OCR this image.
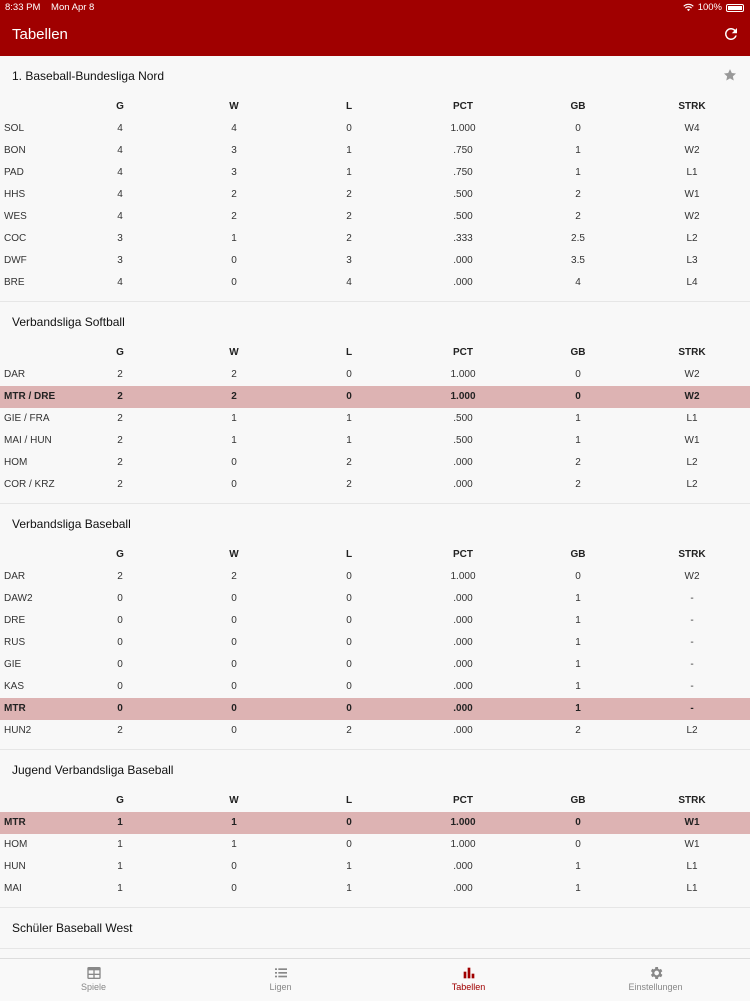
8:33 PM Mon Apr 8	100%
Tabellen
1. Baseball-Bundesliga Nord
G	W	L	PCT	GB	STRK
SOL	4	4	0	1.000	0	W4
BON	4	3	1	.750	1	W2
PAD	4	3	1	.750	1	L1
HHS	4	2	2	.500	2	W1
WES	4	2	2	.500	2	W2
COC	3	1	2	.333	2.5	L2
DWF	3	0	3	.000	3.5	L3
BRE	4	0	4	.000	4	L4
Verbandsliga Softball
G	W	L	PCT	GB	STRK
DAR	2	2	0	1.000	0	W2
MTR / DRE	2	2	0	1.000	0	W2
GIE / FRA	2	1	1	.500	1	L1
MAI / HUN	2	1	1	.500	1	W1
HOM	2	0	2	.000	2	L2
COR / KRZ	2	0	2	.000	2	L2
Verbandsliga Baseball
G	W	L	PCT	GB	STRK
DAR	2	2	0	1.000	0	W2
DAW2	0	0	0	.000	1	-
DRE	0	0	0	.000	1	-
RUS	0	0	0	.000	1	-
GIE	0	0	0	.000	1	-
KAS	0	0	0	.000	1	-
MTR	0	0	0	.000	1	-
HUN2	2	0	2	.000	2	L2
Jugend Verbandsliga Baseball
G	W	L	PCT	GB	STRK
MTR	1	1	0	1.000	0	W1
HOM	1	1	0	1.000	0	W1
HUN	1	0	1	.000	1	L1
MAI	1	0	1	.000	1	L1
Schüler Baseball West
Spiele	Ligen	Tabellen	Einstellungen
